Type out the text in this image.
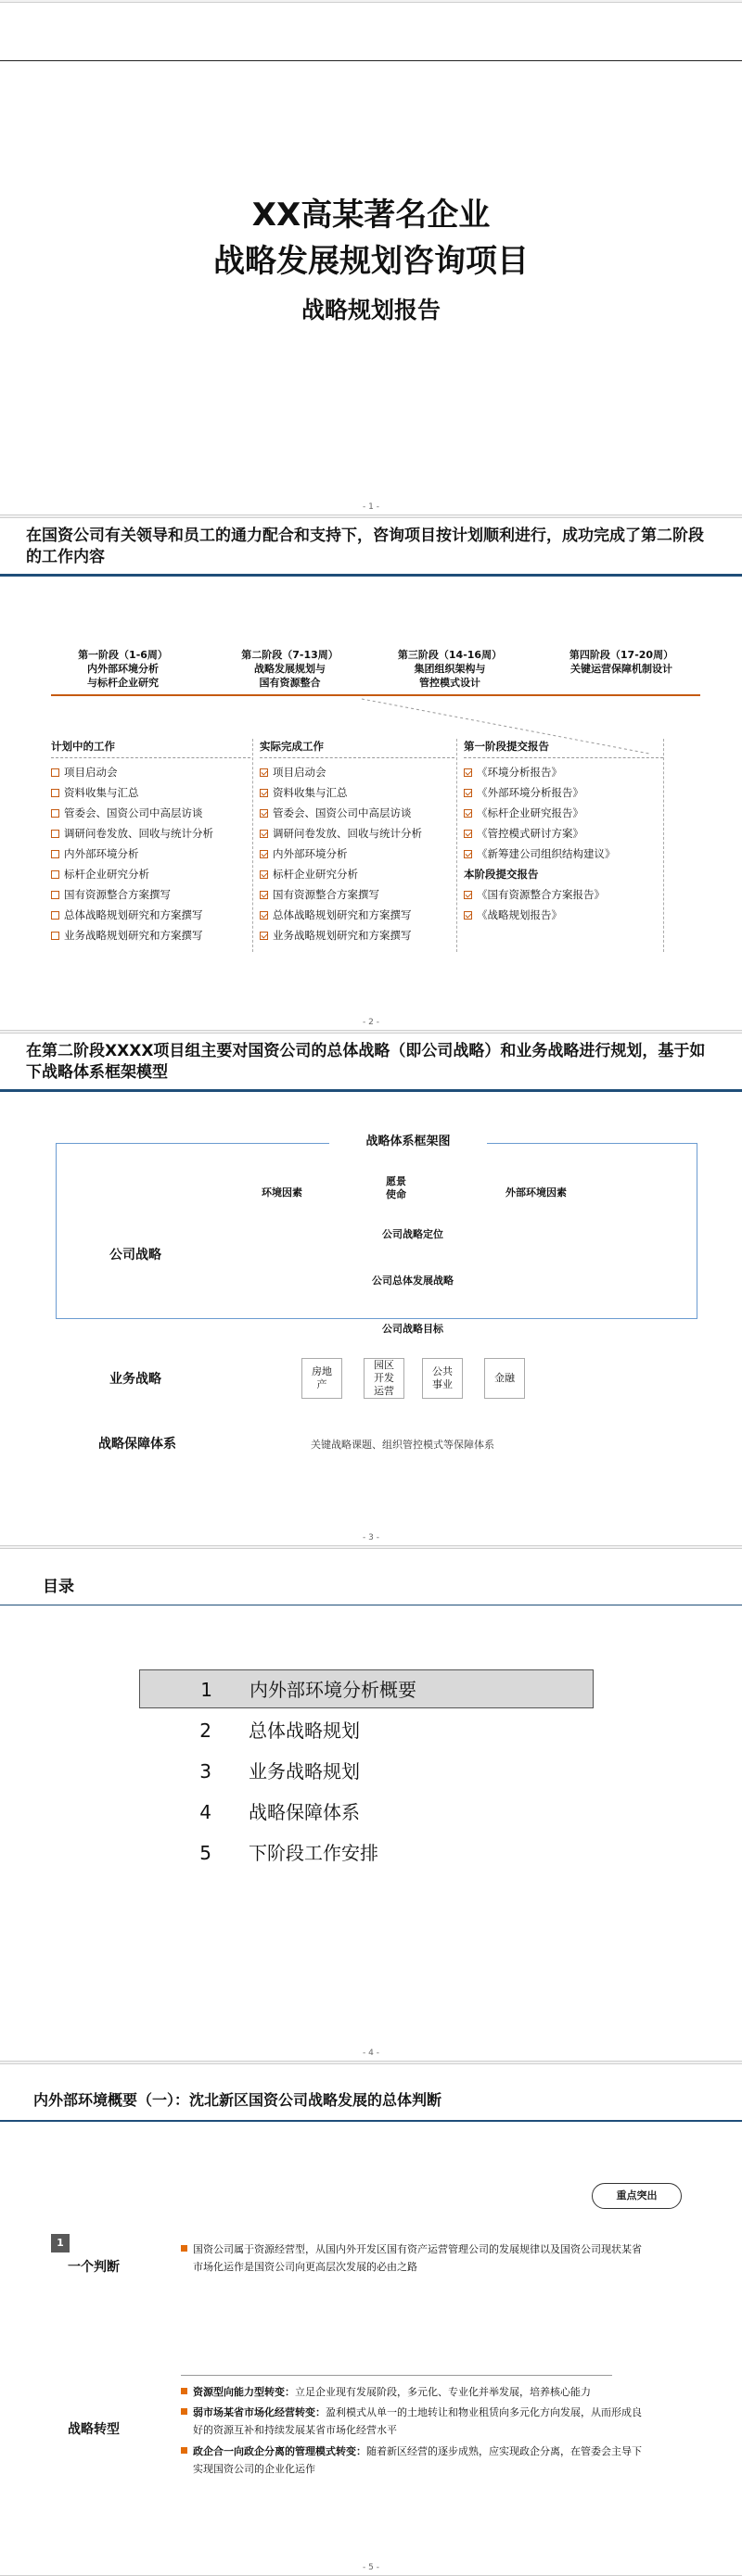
XX高某著名企业
战略发展规划咨询项目
战略规划报告
- 1 -
在国资公司有关领导和员工的通力配合和支持下，咨询项目按计划顺利进行，成功完成了第二阶段的工作内容
第一阶段（1-6周）
内外部环境分析
与标杆企业研究
第二阶段（7-13周）
战略发展规划与
国有资源整合
第三阶段（14-16周）
集团组织架构与
管控模式设计
第四阶段（17-20周）
关键运营保障机制设计
计划中的工作
项目启动会
资料收集与汇总
管委会、国资公司中高层访谈
调研问卷发放、回收与统计分析
内外部环境分析
标杆企业研究分析
国有资源整合方案撰写
总体战略规划研究和方案撰写
业务战略规划研究和方案撰写
实际完成工作
项目启动会
资料收集与汇总
管委会、国资公司中高层访谈
调研问卷发放、回收与统计分析
内外部环境分析
标杆企业研究分析
国有资源整合方案撰写
总体战略规划研究和方案撰写
业务战略规划研究和方案撰写
第一阶段提交报告
《环境分析报告》
《外部环境分析报告》
《标杆企业研究报告》
《管控模式研讨方案》
《新筹建公司组织结构建议》
本阶段提交报告
《国有资源整合方案报告》
《战略规划报告》
- 2 -
在第二阶段XXXX项目组主要对国资公司的总体战略（即公司战略）和业务战略进行规划，基于如下战略体系框架模型
战略体系框架图
环境因素
愿景
使命	外部环境因素
公司战略
公司战略定位
公司总体发展战略
公司战略目标
业务战略
房地
产
园区
开发
运营
公共
事业
金融
战略保障体系	关键战略课题、组织管控模式等保障体系
- 3 -
目录
1 内外部环境分析概要
2 总体战略规划
3 业务战略规划
4 战略保障体系
5 下阶段工作安排
- 4 -
内外部环境概要（一）：沈北新区国资公司战略发展的总体判断
重点突出
1
一个判断
国资公司属于资源经营型，从国内外开发区国有资产运营管理公司的发展规律以及国资公司现状某省
市场化运作是国资公司向更高层次发展的必由之路
战略转型
资源型向能力型转变：立足企业现有发展阶段，多元化、专业化并举发展，培养核心能力
弱市场某省市场化经营转变：盈利模式从单一的土地转让和物业租赁向多元化方向发展，从而形成良
好的资源互补和持续发展某省市场化经营水平
政企合一向政企分离的管理模式转变：随着新区经营的逐步成熟，应实现政企分离，在管委会主导下
实现国资公司的企业化运作
- 5 -
